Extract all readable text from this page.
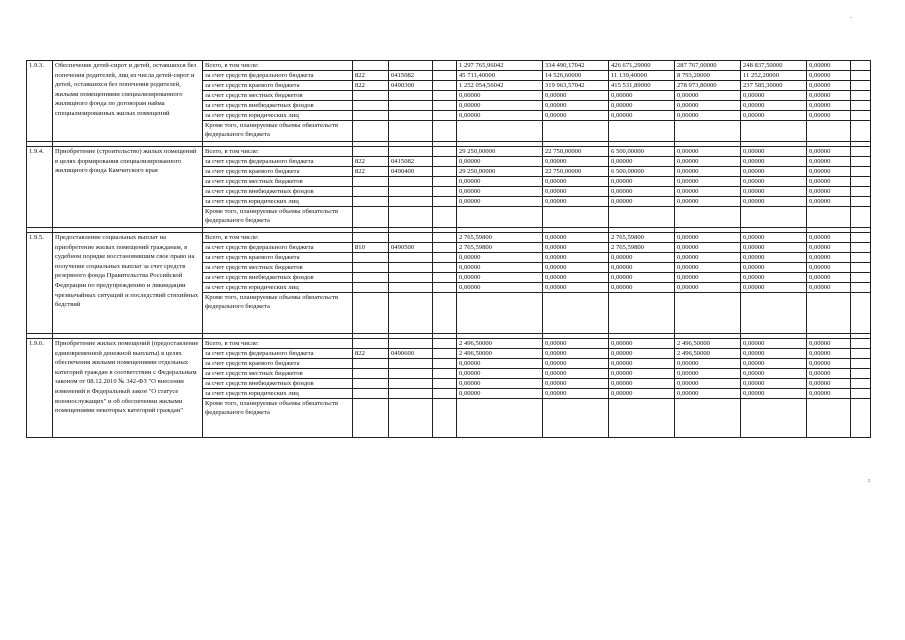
1.9.3.	Обеспечение детей-сирот и детей, оставшихся без попечения родителей, лиц из числа детей-сирот и детей, оставшихся без попечения родителей, жилыми помещениями специализированного жилищного фонда по договорам найма специализированных жилых помещений	Всего, в том числе:				1 297 765,96042	334 490,17042	426 671,29000	287 767,00000	248 837,50000	0,00000	
		за счет средств федерального бюджета	822	0415082		45 711,40000	14 526,60000	11 139,40000	8 793,20000	11 252,20000	0,00000	
		за счет средств краевого бюджета	822	0490300		1 252 054,56042	319 963,57042	415 531,89000	278 973,80000	237 585,30000	0,00000	
		за счет средств местных бюджетов				0,00000	0,00000	0,00000	0,00000	0,00000	0,00000	
		за счет средств внебюджетных фондов				0,00000	0,00000	0,00000	0,00000	0,00000	0,00000	
		за счет средств юридических лиц				0,00000	0,00000	0,00000	0,00000	0,00000	0,00000	
		Кроме того, планируемые объемы обязательств федерального бюджета										

1.9.4.	Приобретение (строительство) жилых помещений в целях формирования специализированного жилищного фонда Камчатского края	Всего, в том числе:				29 250,00000	22 750,00000	6 500,00000	0,00000	0,00000	0,00000	
		за счет средств федерального бюджета	822	0415082		0,00000	0,00000	0,00000	0,00000	0,00000	0,00000	
		за счет средств краевого бюджета	822	0490400		29 250,00000	22 750,00000	6 500,00000	0,00000	0,00000	0,00000	
		за счет средств местных бюджетов				0,00000	0,00000	0,00000	0,00000	0,00000	0,00000	
		за счет средств внебюджетных фондов				0,00000	0,00000	0,00000	0,00000	0,00000	0,00000	
		за счет средств юридических лиц				0,00000	0,00000	0,00000	0,00000	0,00000	0,00000	
		Кроме того, планируемые объемы обязательств федерального бюджета										

1.9.5.	Предоставление социальных выплат на приобретение жилых помещений гражданам, в судебном порядке восстановившим свое право на получение социальных выплат за счет средств резервного фонда Правительства Российской Федерации по предупреждению и ликвидации чрезвычайных ситуаций и последствий стихийных бедствий	Всего, в том числе:				2 765,59800	0,00000	2 765,59800	0,00000	0,00000	0,00000	
		за счет средств федерального бюджета	810	0490500		2 765,59800	0,00000	2 765,59800	0,00000	0,00000	0,00000	
		за счет средств краевого бюджета				0,00000	0,00000	0,00000	0,00000	0,00000	0,00000	
		за счет средств местных бюджетов				0,00000	0,00000	0,00000	0,00000	0,00000	0,00000	
		за счет средств внебюджетных фондов				0,00000	0,00000	0,00000	0,00000	0,00000	0,00000	
		за счет средств юридических лиц				0,00000	0,00000	0,00000	0,00000	0,00000	0,00000	
		Кроме того, планируемые объемы обязательств федерального бюджета										

1.9.6.	Приобретение жилых помещений (предоставление единовременной денежной выплаты) в целях обеспечения жилыми помещениями отдельных категорий граждан в соответствии с Федеральным законом от 08.12.2010 № 342-ФЗ "О внесении изменений в Федеральный закон "О статусе военнослужащих" и об обеспечении жилыми помещениями некоторых категорий граждан"	Всего, в том числе:				2 496,50000	0,00000	0,00000	2 496,50000	0,00000	0,00000	
		за счет средств федерального бюджета	822	0490600		2 496,50000	0,00000	0,00000	2 496,50000	0,00000	0,00000	
		за счет средств краевого бюджета				0,00000	0,00000	0,00000	0,00000	0,00000	0,00000	
		за счет средств местных бюджетов				0,00000	0,00000	0,00000	0,00000	0,00000	0,00000	
		за счет средств внебюджетных фондов				0,00000	0,00000	0,00000	0,00000	0,00000	0,00000	
		за счет средств юридических лиц				0,00000	0,00000	0,00000	0,00000	0,00000	0,00000	
		Кроме того, планируемые объемы обязательств федерального бюджета										
·
²
